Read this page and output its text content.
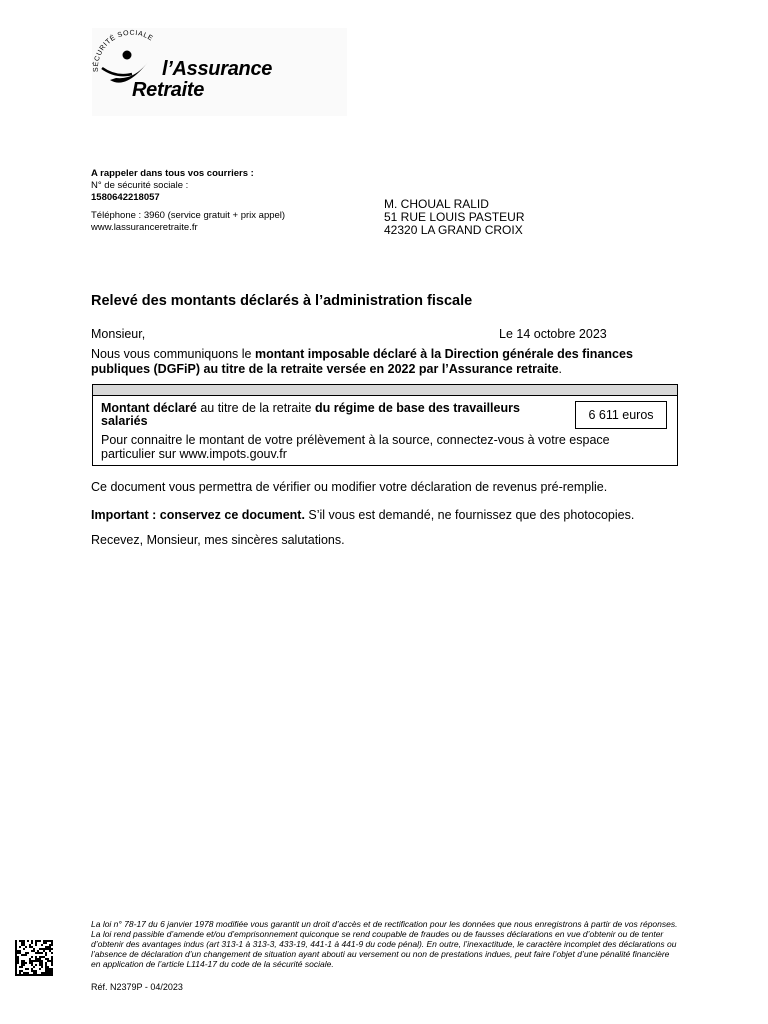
SÉCURITÉ SOCIALE
l’Assurance
Retraite
A rappeler dans tous vos courriers :
N° de sécurité sociale :
1580642218057
Téléphone : 3960 (service gratuit + prix appel)
www.lassuranceretraite.fr
M. CHOUAL RALID
51 RUE LOUIS PASTEUR
42320 LA GRAND CROIX
Relevé des montants déclarés à l’administration fiscale
Monsieur,	Le 14 octobre 2023
Nous vous communiquons le montant imposable déclaré à la Direction générale des finances publiques (DGFiP) au titre de la retraite versée en 2022 par l’Assurance retraite.
Montant déclaré au titre de la retraite du régime de base des travailleurs salariés	6 611 euros
Pour connaitre le montant de votre prélèvement à la source, connectez-vous à votre espace particulier sur www.impots.gouv.fr
Ce document vous permettra de vérifier ou modifier votre déclaration de revenus pré-remplie.
Important : conservez ce document. S’il vous est demandé, ne fournissez que des photocopies.
Recevez, Monsieur, mes sincères salutations.
La loi n° 78-17 du 6 janvier 1978 modifiée vous garantit un droit d’accès et de rectification pour les données que nous enregistrons à partir de vos réponses.
La loi rend passible d’amende et/ou d’emprisonnement quiconque se rend coupable de fraudes ou de fausses déclarations en vue d’obtenir ou de tenter d’obtenir des avantages indus (art 313-1 à 313-3, 433-19, 441-1 à 441-9 du code pénal). En outre, l’inexactitude, le caractère incomplet des déclarations ou l’absence de déclaration d’un changement de situation ayant abouti au versement ou non de prestations indues, peut faire l’objet d’une pénalité financière en application de l’article L114-17 du code de la sécurité sociale.
Réf. N2379P - 04/2023
